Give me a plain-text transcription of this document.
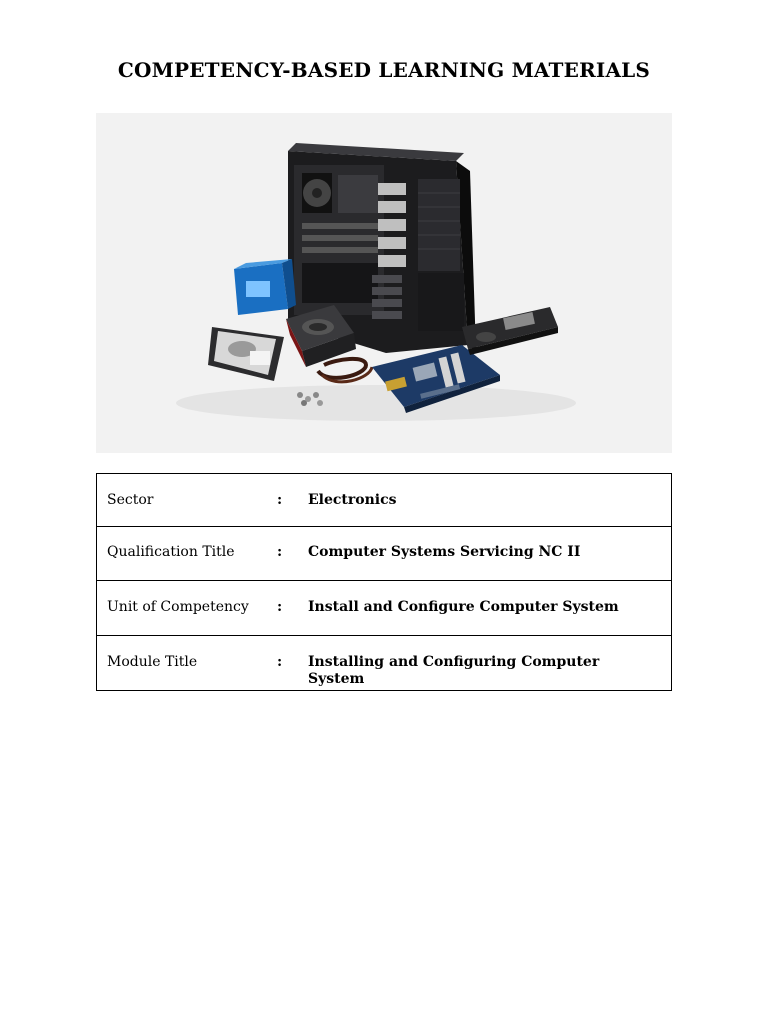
COMPETENCY-BASED LEARNING MATERIALS
Sector	: Electronics
Qualification Title	: Computer Systems Servicing NC II
Unit of Competency : Install and Configure Computer System
Module Title	: Installing and Configuring Computer System
